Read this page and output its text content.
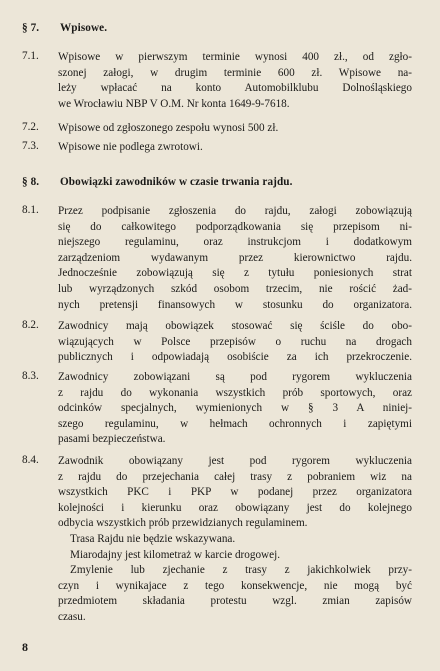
§ 7. Wpisowe.
7.1.	Wpisowe w pierwszym terminie wynosi 400 zł., od zgło-
szonej załogi, w drugim terminie 600 zł. Wpisowe na-
leży wpłacać na konto Automobilklubu Dolnośląskiego
we Wrocławiu NBP V O.M. Nr konta 1649-9-7618.
7.2.	Wpisowe od zgłoszonego zespołu wynosi 500 zł.
7.3.	Wpisowe nie podlega zwrotowi.
§ 8. Obowiązki zawodników w czasie trwania rajdu.
8.1.	Przez podpisanie zgłoszenia do rajdu, załogi zobowiązują
się do całkowitego podporządkowania się przepisom ni-
niejszego regulaminu, oraz instrukcjom i dodatkowym
zarządzeniom wydawanym przez kierownictwo rajdu.
Jednocześnie zobowiązują się z tytułu poniesionych strat
lub wyrządzonych szkód osobom trzecim, nie rościć żad-
nych pretensji finansowych w stosunku do organizatora.
8.2.	Zawodnicy mają obowiązek stosować się ściśle do obo-
wiązujących w Polsce przepisów o ruchu na drogach
publicznych i odpowiadają osobiście za ich przekroczenie.
8.3.	Zawodnicy zobowiązani są pod rygorem wykluczenia
z rajdu do wykonania wszystkich prób sportowych, oraz
odcinków specjalnych, wymienionych w § 3 A niniej-
szego regulaminu, w hełmach ochronnych i zapiętymi
pasami bezpieczeństwa.
8.4.	Zawodnik obowiązany jest pod rygorem wykluczenia
z rajdu do przejechania całej trasy z pobraniem wiz na
wszystkich PKC i PKP w podanej przez organizatora
kolejności i kierunku oraz obowiązany jest do kolejnego
odbycia wszystkich prób przewidzianych regulaminem.
Trasa Rajdu nie będzie wskazywana.
Miarodajny jest kilometraż w karcie drogowej.
Zmylenie lub zjechanie z trasy z jakichkolwiek przy-
czyn i wynikajace z tego konsekwencje, nie mogą być
przedmiotem składania protestu wzgl. zmian zapisów
czasu.
8
